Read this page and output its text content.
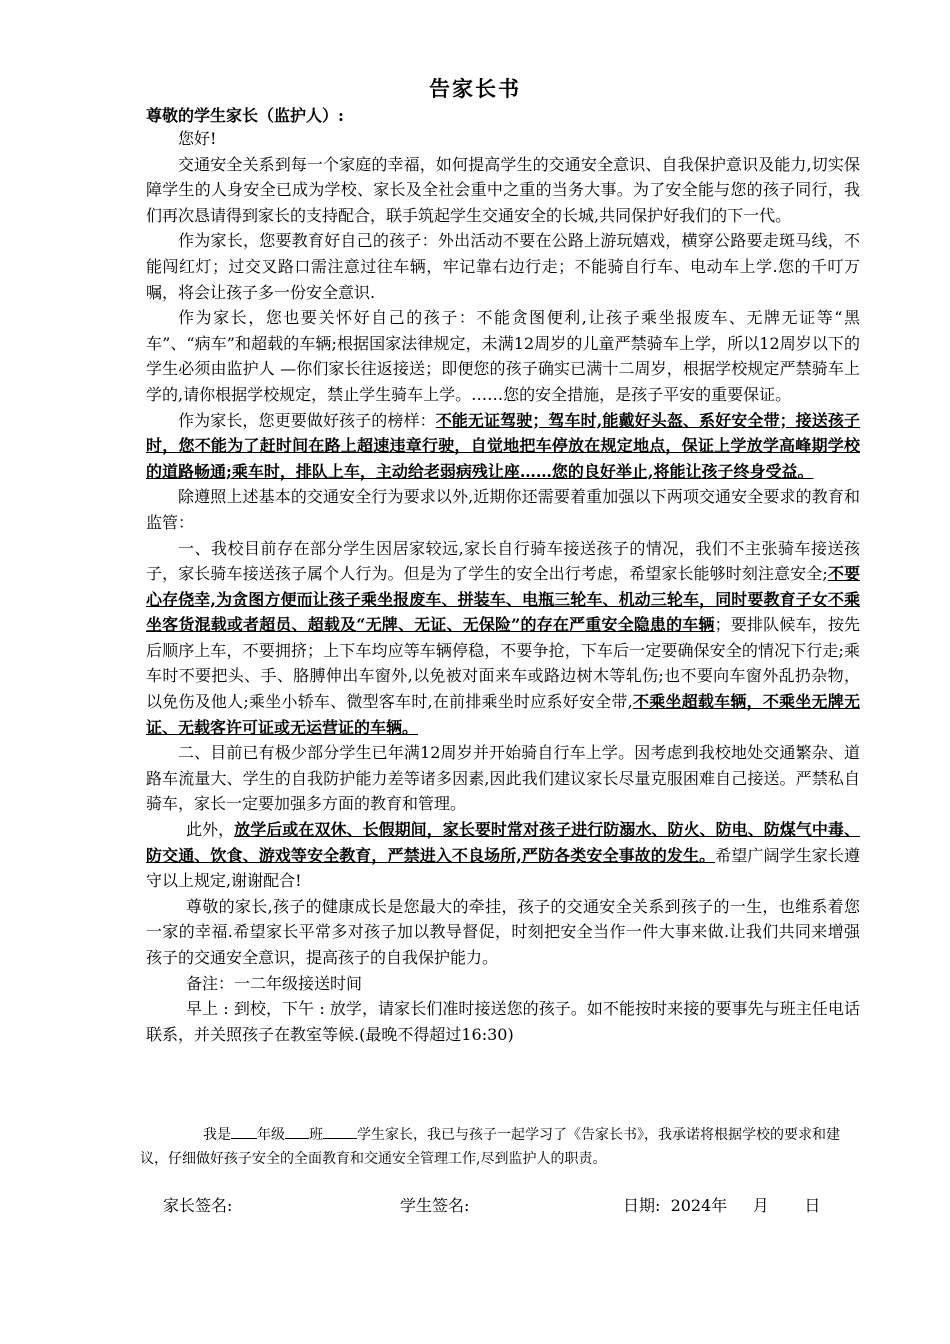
告家长书
尊敬的学生家长（监护人）:

您好!

交通安全关系到每一个家庭的幸福，如何提高学生的交通安全意识、自我保护意识及能力,切实保障学生的人身安全已成为学校、家长及全社会重中之重的当务大事。为了安全能与您的孩子同行，我们再次恳请得到家长的支持配合，联手筑起学生交通安全的长城,共同保护好我们的下一代。

作为家长，您要教育好自己的孩子：外出活动不要在公路上游玩嬉戏，横穿公路要走斑马线，不能闯红灯；过交叉路口需注意过往车辆，牢记靠右边行走；不能骑自行车、电动车上学.您的千叮万嘱，将会让孩子多一份安全意识.

作为家长，您也要关怀好自己的孩子：不能贪图便利,让孩子乘坐报废车、无牌无证等“黑车”、“病车”和超载的车辆;根据国家法律规定，未满12周岁的儿童严禁骑车上学，所以12周岁以下的学生必须由监护人 —你们家长往返接送；即便您的孩子确实已满十二周岁，根据学校规定严禁骑车上学的,请你根据学校规定，禁止学生骑车上学。……您的安全措施，是孩子平安的重要保证。

作为家长，您更要做好孩子的榜样：不能无证驾驶；驾车时,能戴好头盔、系好安全带；接送孩子时，您不能为了赶时间在路上超速违章行驶，自觉地把车停放在规定地点，保证上学放学高峰期学校的道路畅通;乘车时，排队上车，主动给老弱病残让座……您的良好举止,将能让孩子终身受益。

除遵照上述基本的交通安全行为要求以外,近期你还需要着重加强以下两项交通安全要求的教育和监管：

一、我校目前存在部分学生因居家较远,家长自行骑车接送孩子的情况，我们不主张骑车接送孩子，家长骑车接送孩子属个人行为。但是为了学生的安全出行考虑，希望家长能够时刻注意安全;不要心存侥幸,为贪图方便而让孩子乘坐报废车、拼装车、电瓶三轮车、机动三轮车，同时要教育子女不乘坐客货混载或者超员、超载及“无牌、无证、无保险”的存在严重安全隐患的车辆；要排队候车，按先后顺序上车，不要拥挤；上下车均应等车辆停稳，不要争抢，下车后一定要确保安全的情况下行走;乘车时不要把头、手、胳膊伸出车窗外,以免被对面来车或路边树木等轧伤;也不要向车窗外乱扔杂物，以免伤及他人;乘坐小轿车、微型客车时,在前排乘坐时应系好安全带,不乘坐超载车辆，不乘坐无牌无证、无载客许可证或无运营证的车辆。

二、目前已有极少部分学生已年满12周岁并开始骑自行车上学。因考虑到我校地处交通繁杂、道路车流量大、学生的自我防护能力差等诸多因素,因此我们建议家长尽量克服困难自己接送。严禁私自骑车，家长一定要加强多方面的教育和管理。

此外，放学后或在双休、长假期间，家长要时常对孩子进行防溺水、防火、防电、防煤气中毒、防交通、饮食、游戏等安全教育，严禁进入不良场所,严防各类安全事故的发生。希望广阔学生家长遵守以上规定,谢谢配合!

尊敬的家长,孩子的健康成长是您最大的牵挂，孩子的交通安全关系到孩子的一生，也维系着您一家的幸福.希望家长平常多对孩子加以教导督促，时刻把安全当作一件大事来做.让我们共同来增强孩子的交通安全意识，提高孩子的自我保护能力。

备注：一二年级接送时间

早上 : 到校，下午 : 放学，请家长们准时接送您的孩子。如不能按时来接的要事先与班主任电话联系，并关照孩子在教室等候.(最晚不得超过16:30)

我是 年级 班 学生家长，我已与孩子一起学习了《告家长书》，我承诺将根据学校的要求和建议，仔细做好孩子安全的全面教育和交通安全管理工作,尽到监护人的职责。

家长签名:	学生签名:	日期:  2024年     月       日
